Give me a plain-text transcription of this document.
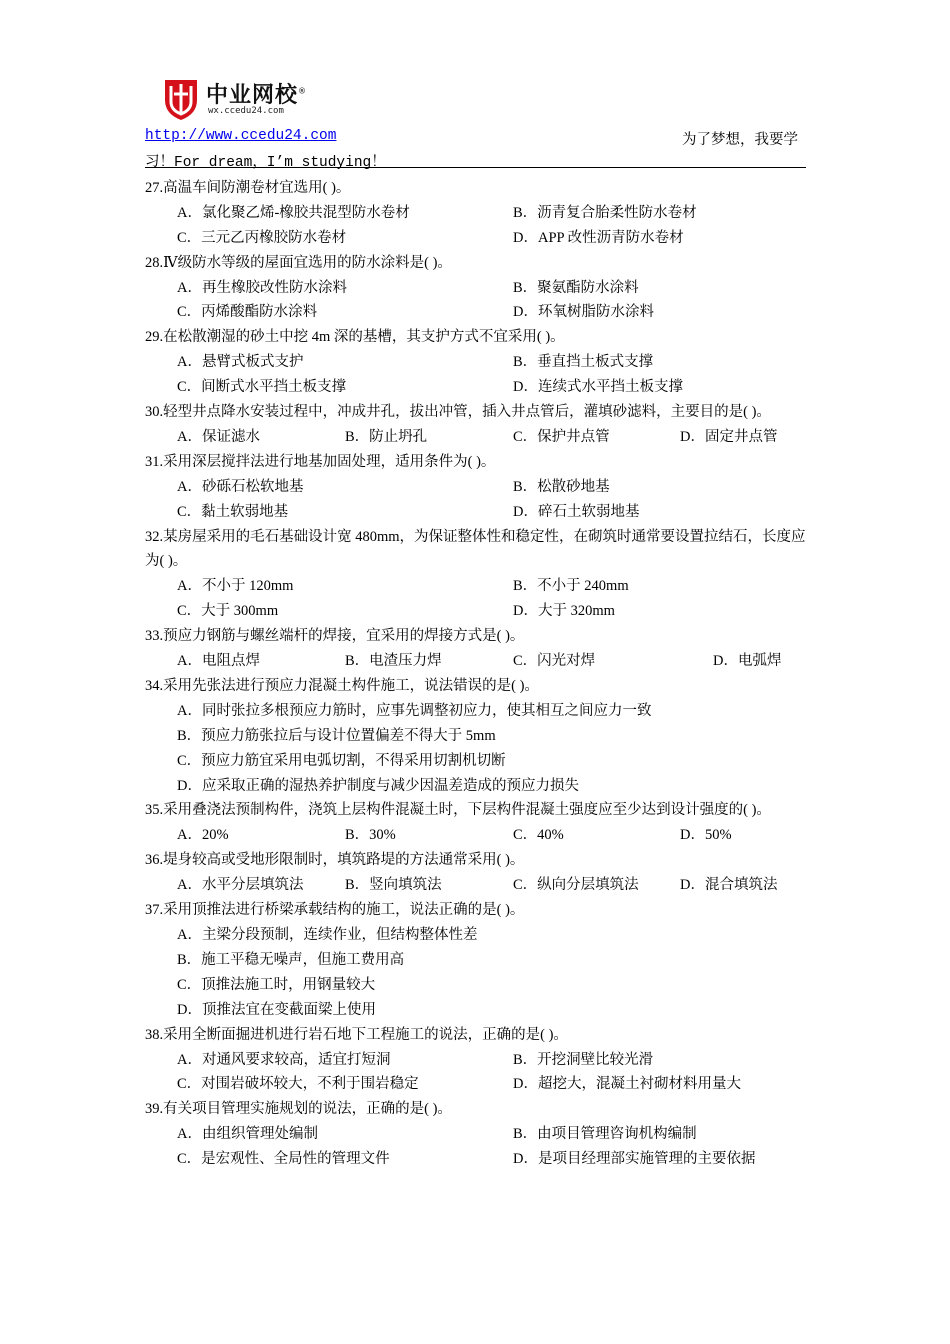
中业网校®
wx.ccedu24.com
http://www.ccedu24.com	为了梦想，我要学
习！For dream，I’m studying！
27.高温车间防潮卷材宜选用( )。
A．氯化聚乙烯-橡胶共混型防水卷材	B．沥青复合胎柔性防水卷材
C．三元乙丙橡胶防水卷材	D．APP 改性沥青防水卷材
28.Ⅳ级防水等级的屋面宜选用的防水涂料是( )。
A．再生橡胶改性防水涂料	B．聚氨酯防水涂料
C．丙烯酸酯防水涂料	D．环氧树脂防水涂料
29.在松散潮湿的砂土中挖 4m 深的基槽，其支护方式不宜采用( )。
A．悬臂式板式支护	B．垂直挡土板式支撑
C．间断式水平挡土板支撑	D．连续式水平挡土板支撑
30.轻型井点降水安装过程中，冲成井孔，拔出冲管，插入井点管后，灌填砂滤料，主要目的是( )。
A．保证滤水	B．防止坍孔	C．保护井点管	D．固定井点管
31.采用深层搅拌法进行地基加固处理，适用条件为( )。
A．砂砾石松软地基	B．松散砂地基
C．黏土软弱地基	D．碎石土软弱地基
32.某房屋采用的毛石基础设计宽 480mm，为保证整体性和稳定性，在砌筑时通常要设置拉结石，长度应为( )。
A．不小于 120mm	B．不小于 240mm
C．大于 300mm	D．大于 320mm
33.预应力钢筋与螺丝端杆的焊接，宜采用的焊接方式是( )。
A．电阻点焊	B．电渣压力焊	C．闪光对焊	D．电弧焊
34.采用先张法进行预应力混凝土构件施工，说法错误的是( )。
A．同时张拉多根预应力筋时，应事先调整初应力，使其相互之间应力一致
B．预应力筋张拉后与设计位置偏差不得大于 5mm
C．预应力筋宜采用电弧切割，不得采用切割机切断
D．应采取正确的湿热养护制度与减少因温差造成的预应力损失
35.采用叠浇法预制构件，浇筑上层构件混凝土时，下层构件混凝土强度应至少达到设计强度的( )。
A．20%	B．30%	C．40%	D．50%
36.堤身较高或受地形限制时，填筑路堤的方法通常采用( )。
A．水平分层填筑法	B．竖向填筑法	C．纵向分层填筑法	D．混合填筑法
37.采用顶推法进行桥梁承载结构的施工，说法正确的是( )。
A．主梁分段预制，连续作业，但结构整体性差
B．施工平稳无噪声，但施工费用高
C．顶推法施工时，用钢量较大
D．顶推法宜在变截面梁上使用
38.采用全断面掘进机进行岩石地下工程施工的说法，正确的是( )。
A．对通风要求较高，适宜打短洞	B．开挖洞壁比较光滑
C．对围岩破坏较大，不利于围岩稳定	D．超挖大，混凝土衬砌材料用量大
39.有关项目管理实施规划的说法，正确的是( )。
A．由组织管理处编制	B．由项目管理咨询机构编制
C．是宏观性、全局性的管理文件	D．是项目经理部实施管理的主要依据
